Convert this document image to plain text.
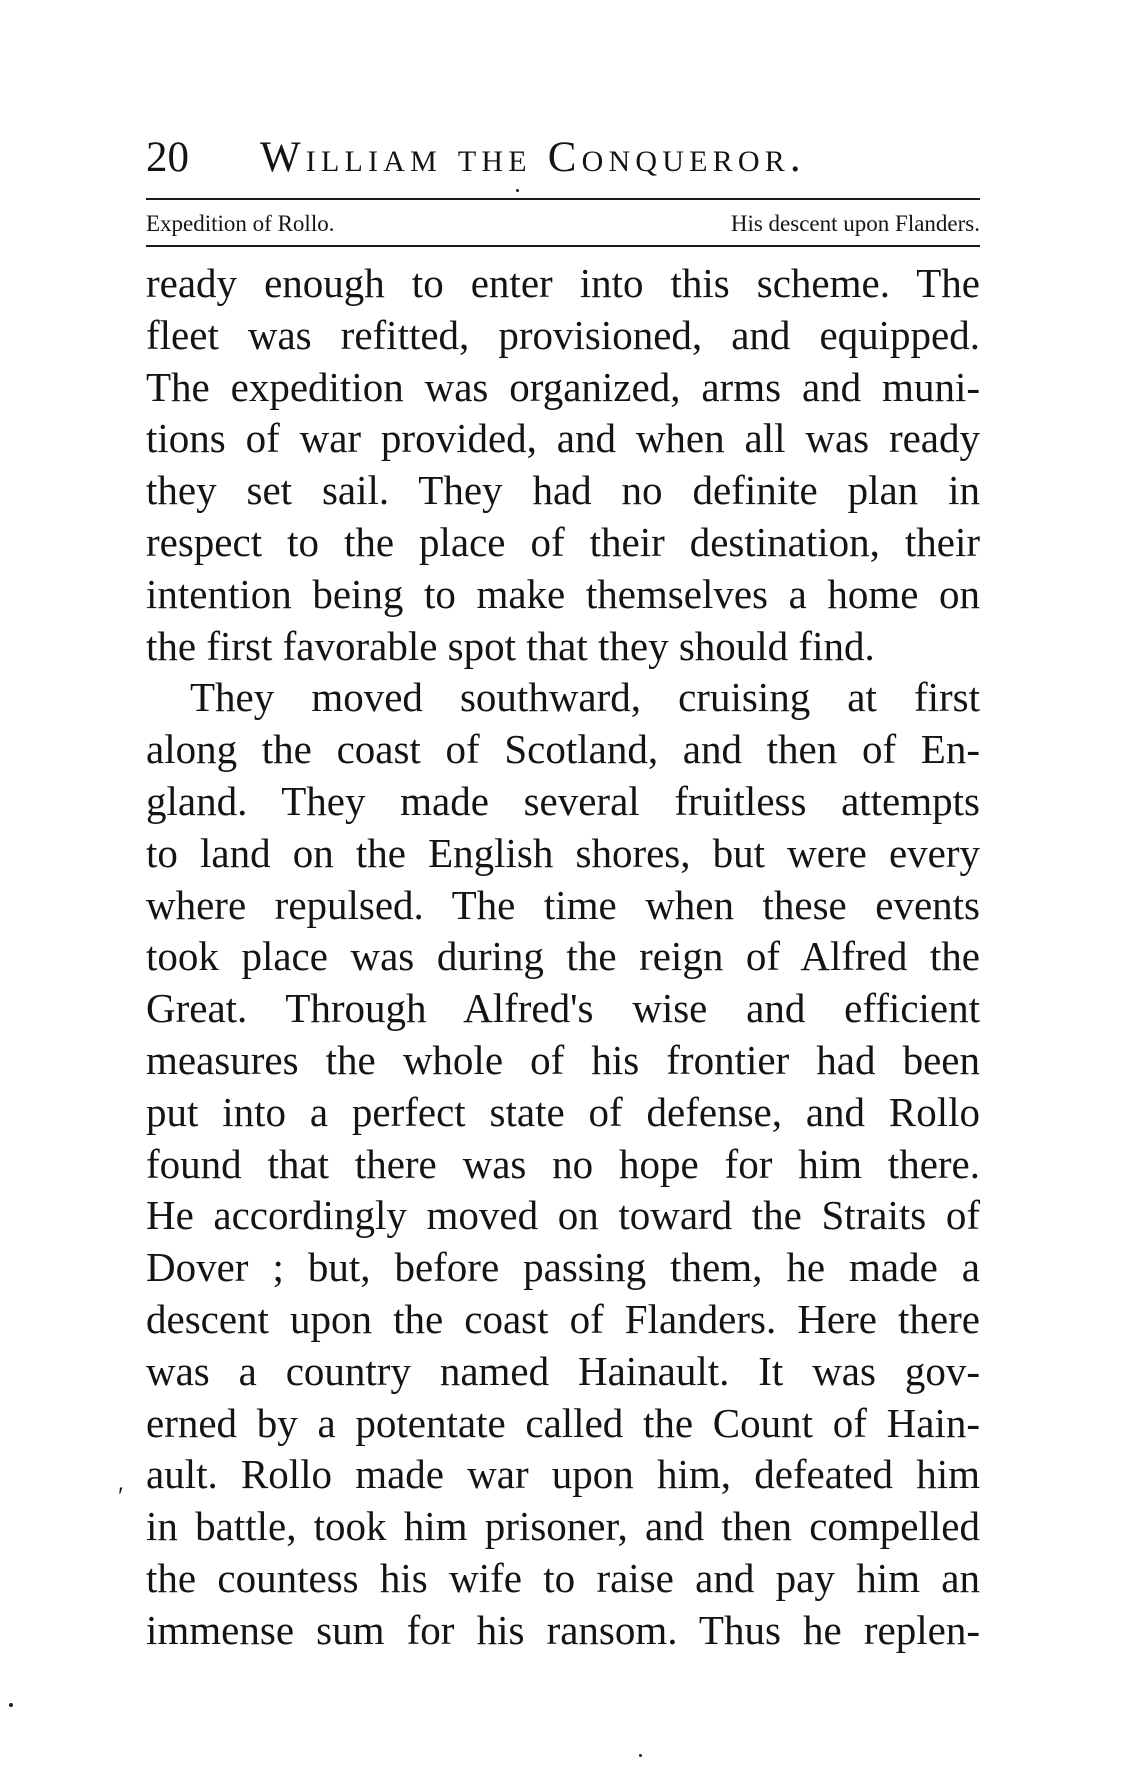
20 William the Conqueror.
Expedition of Rollo.	His descent upon Flanders.
ready enough to enter into this scheme. The
fleet was refitted, provisioned, and equipped.
The expedition was organized, arms and muni-
tions of war provided, and when all was ready
they set sail. They had no definite plan in
respect to the place of their destination, their
intention being to make themselves a home on
the first favorable spot that they should find.
They moved southward, cruising at first
along the coast of Scotland, and then of En-
gland. They made several fruitless attempts
to land on the English shores, but were every
where repulsed. The time when these events
took place was during the reign of Alfred the
Great. Through Alfred's wise and efficient
measures the whole of his frontier had been
put into a perfect state of defense, and Rollo
found that there was no hope for him there.
He accordingly moved on toward the Straits of
Dover ; but, before passing them, he made a
descent upon the coast of Flanders. Here there
was a country named Hainault. It was gov-
erned by a potentate called the Count of Hain-
ault. Rollo made war upon him, defeated him
in battle, took him prisoner, and then compelled
the countess his wife to raise and pay him an
immense sum for his ransom. Thus he replen-
′
